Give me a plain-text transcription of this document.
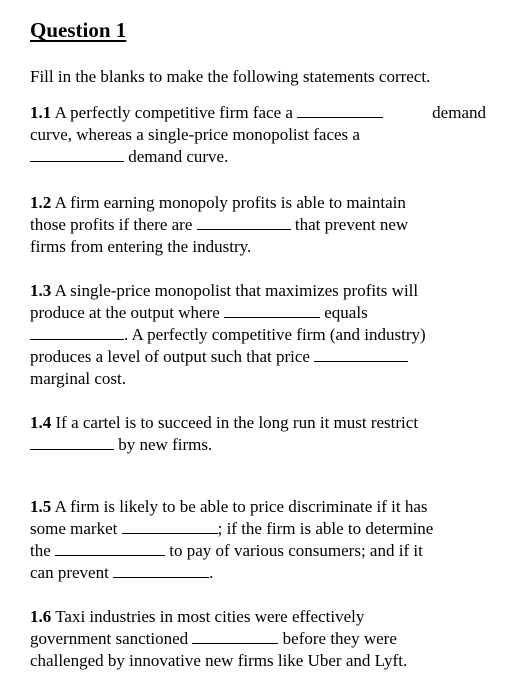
Question 1

Fill in the blanks to make the following statements correct.

1.1 A perfectly competitive firm face a	demand
curve, whereas a single-price monopolist faces a
demand curve.
1.2 A firm earning monopoly profits is able to maintain
those profits if there are	that prevent new
firms from entering the industry.
1.3 A single-price monopolist that maximizes profits will
produce at the output where	equals
. A perfectly competitive firm (and industry)
produces a level of output such that price
marginal cost.
1.4 If a cartel is to succeed in the long run it must restrict
by new firms.
1.5 A firm is likely to be able to price discriminate if it has
some market	; if the firm is able to determine
the	to pay of various consumers; and if it
can prevent	.
1.6 Taxi industries in most cities were effectively
government sanctioned	before they were
challenged by innovative new firms like Uber and Lyft.
